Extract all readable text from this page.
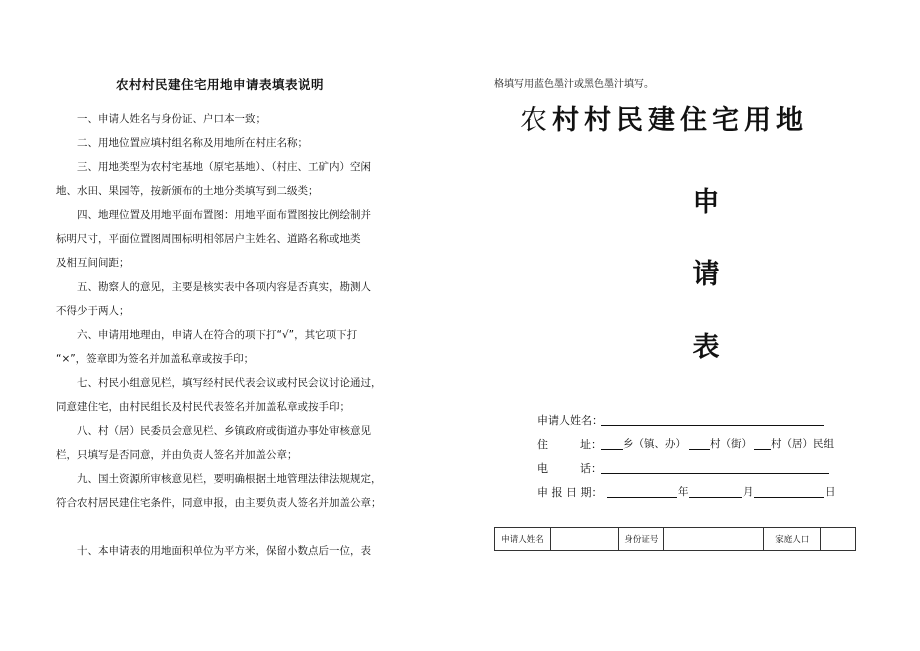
农村村民建住宅用地申请表填表说明

一、申请人姓名与身份证、户口本一致；

二、用地位置应填村组名称及用地所在村庄名称；

三、用地类型为农村宅基地（原宅基地）、（村庄、工矿内）空闲

地、水田、果园等，按新颁布的土地分类填写到二级类；

四、地理位置及用地平面布置图：用地平面布置图按比例绘制并

标明尺寸，平面位置图周围标明相邻居户主姓名、道路名称或地类

及相互间间距；

五、勘察人的意见，主要是核实表中各项内容是否真实，勘测人

不得少于两人；

六、申请用地理由，申请人在符合的项下打“√”，其它项下打

“×”，签章即为签名并加盖私章或按手印；

七、村民小组意见栏，填写经村民代表会议或村民会议讨论通过，

同意建住宅，由村民组长及村民代表签名并加盖私章或按手印；

八、村（居）民委员会意见栏、乡镇政府或街道办事处审核意见

栏，只填写是否同意，并由负责人签名并加盖公章；

九、国土资源所审核意见栏，要明确根据土地管理法律法规规定，

符合农村居民建住宅条件，同意申报，由主要负责人签名并加盖公章；

十、本申请表的用地面积单位为平方米，保留小数点后一位，表

格填写用蓝色墨汁或黑色墨汁填写。
农村村民建住宅用地
申
请
表
申请人姓名：
住	址： 乡（镇、办） 村（街） 村（居）民组
电	话：
申 报 日 期：	年	月	日
申请人姓名		身份证号		家庭人口	
